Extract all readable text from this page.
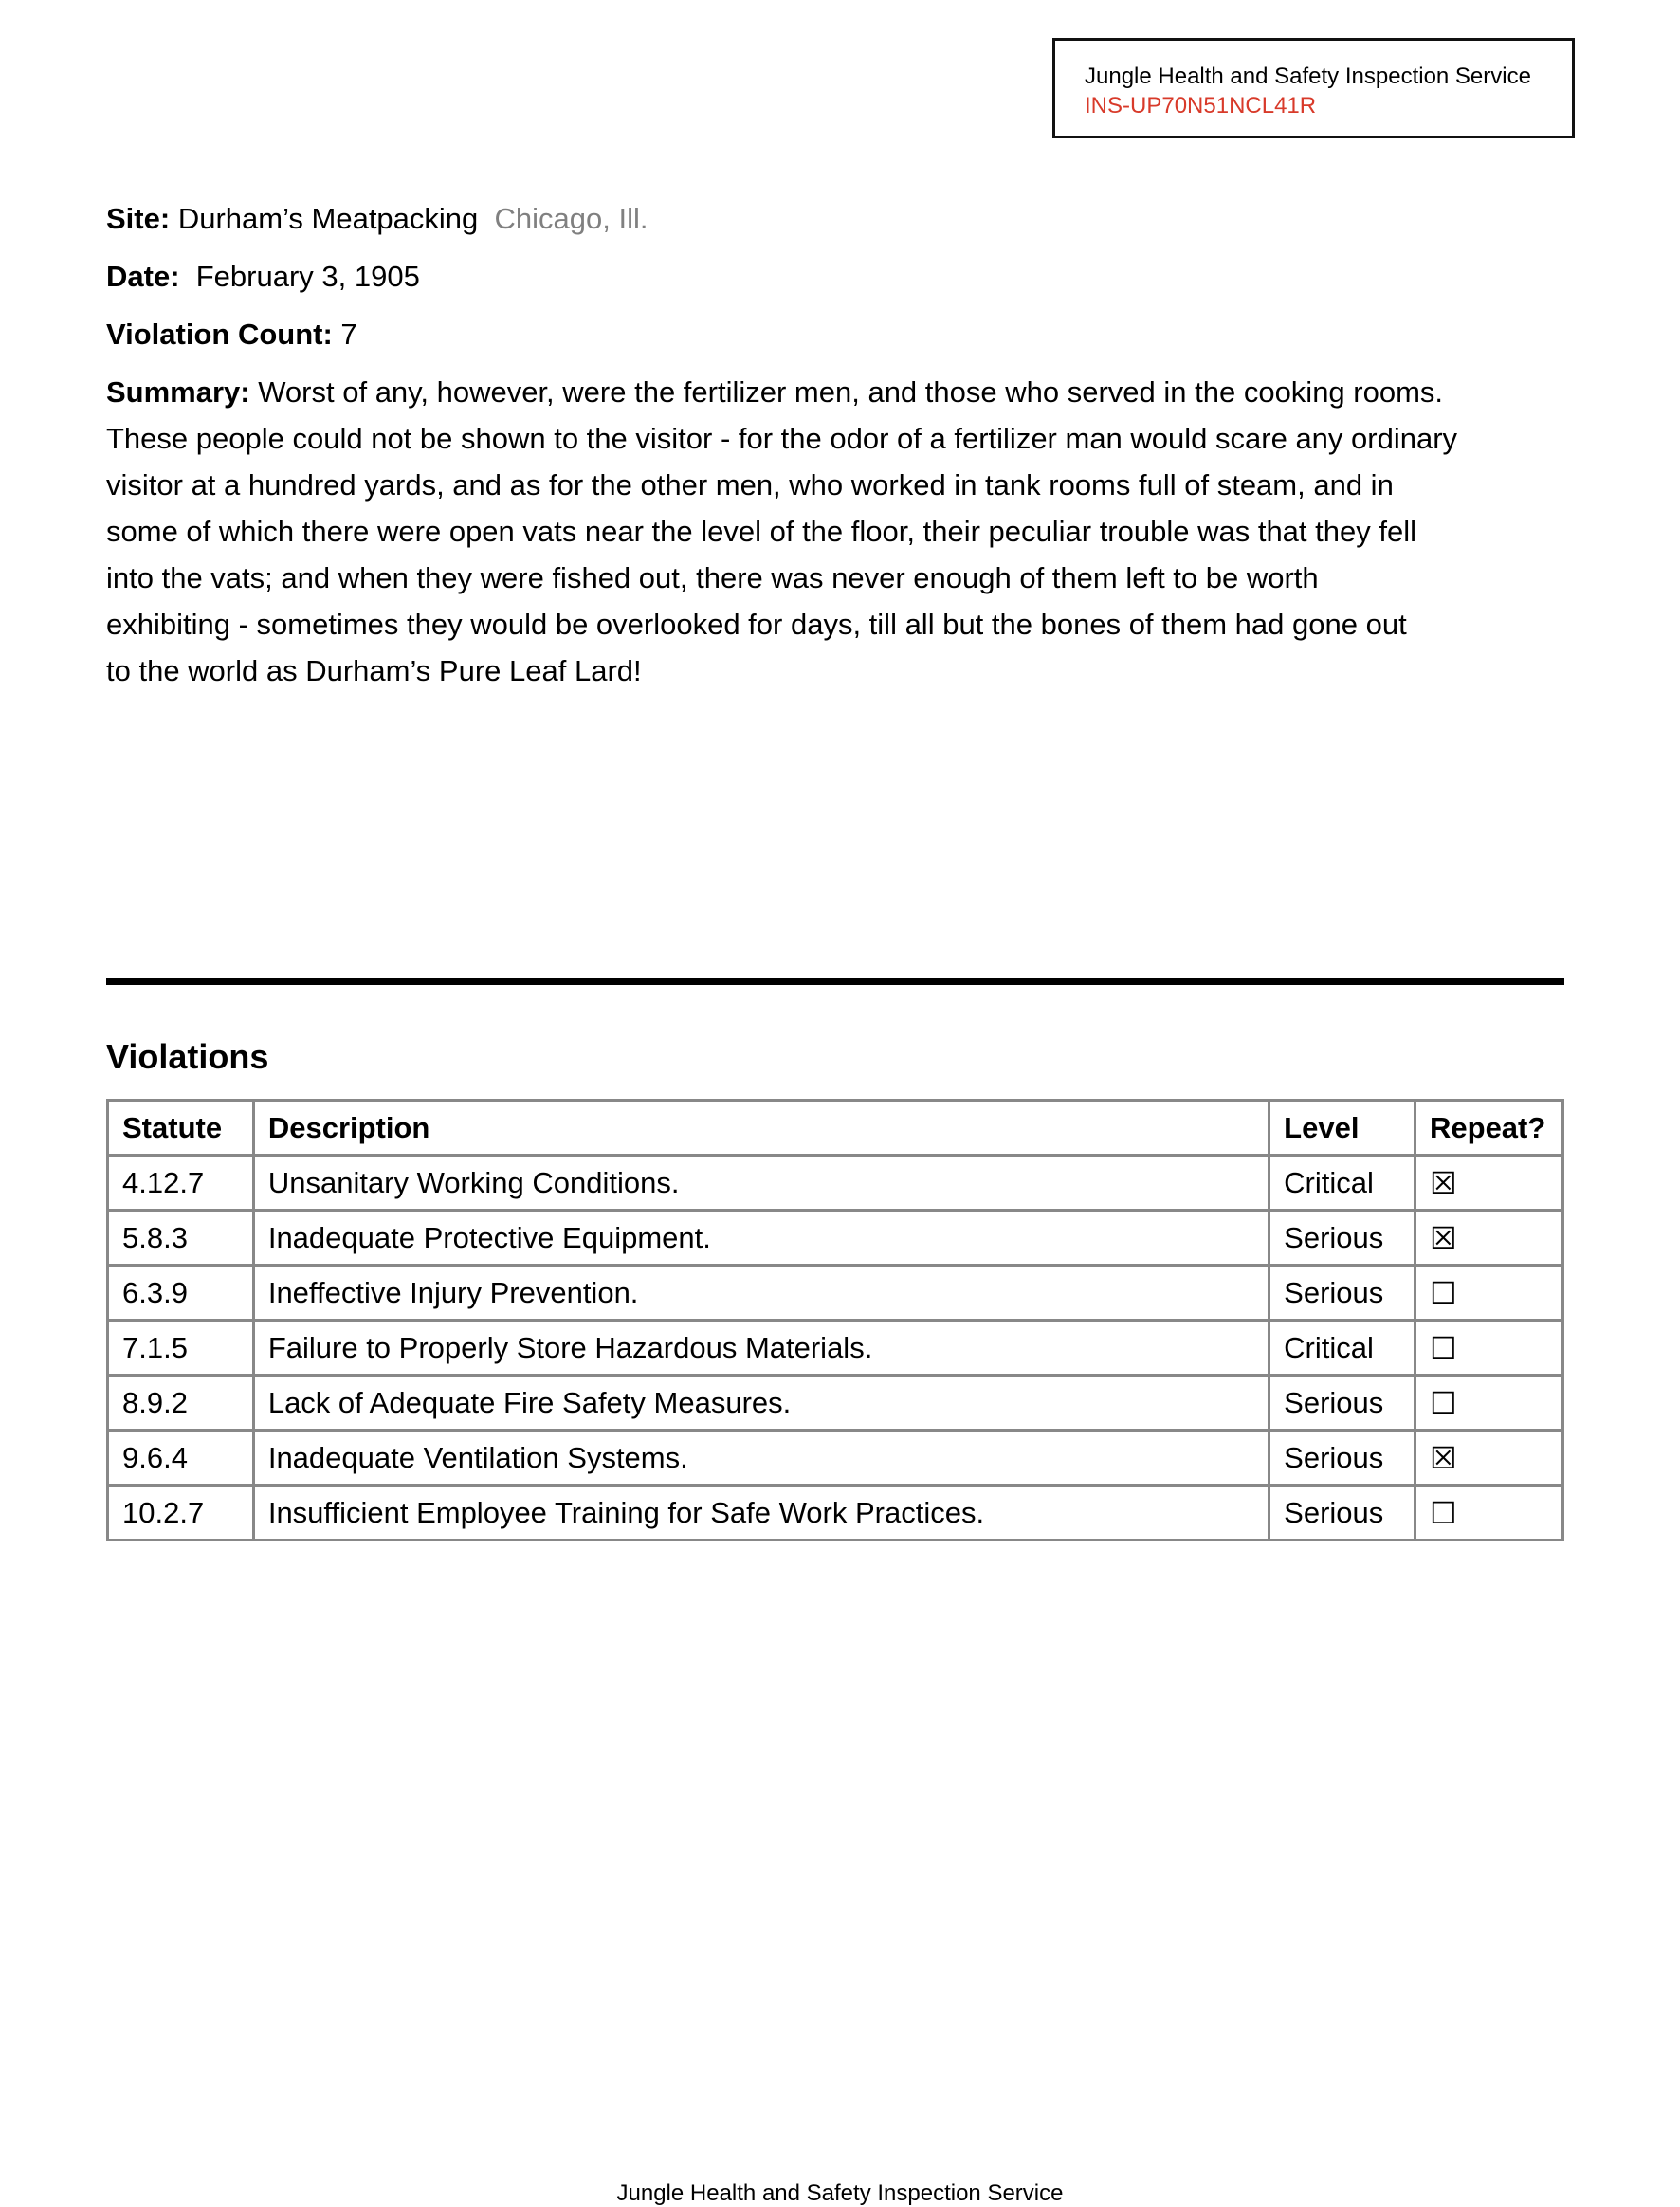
Jungle Health and Safety Inspection Service
INS-UP70N51NCL41R
Site: Durham’s Meatpacking Chicago, Ill.
Date: February 3, 1905
Violation Count: 7
Summary: Worst of any, however, were the fertilizer men, and those who served in the cooking rooms.
These people could not be shown to the visitor - for the odor of a fertilizer man would scare any ordinary
visitor at a hundred yards, and as for the other men, who worked in tank rooms full of steam, and in
some of which there were open vats near the level of the floor, their peculiar trouble was that they fell
into the vats; and when they were fished out, there was never enough of them left to be worth
exhibiting - sometimes they would be overlooked for days, till all but the bones of them had gone out
to the world as Durham’s Pure Leaf Lard!
Violations
Statute	Description	Level	Repeat?
4.12.7	Unsanitary Working Conditions.	Critical	☒
5.8.3	Inadequate Protective Equipment.	Serious	☒
6.3.9	Ineffective Injury Prevention.	Serious	☐
7.1.5	Failure to Properly Store Hazardous Materials.	Critical	☐
8.9.2	Lack of Adequate Fire Safety Measures.	Serious	☐
9.6.4	Inadequate Ventilation Systems.	Serious	☒
10.2.7	Insufficient Employee Training for Safe Work Practices.	Serious	☐
Jungle Health and Safety Inspection Service
